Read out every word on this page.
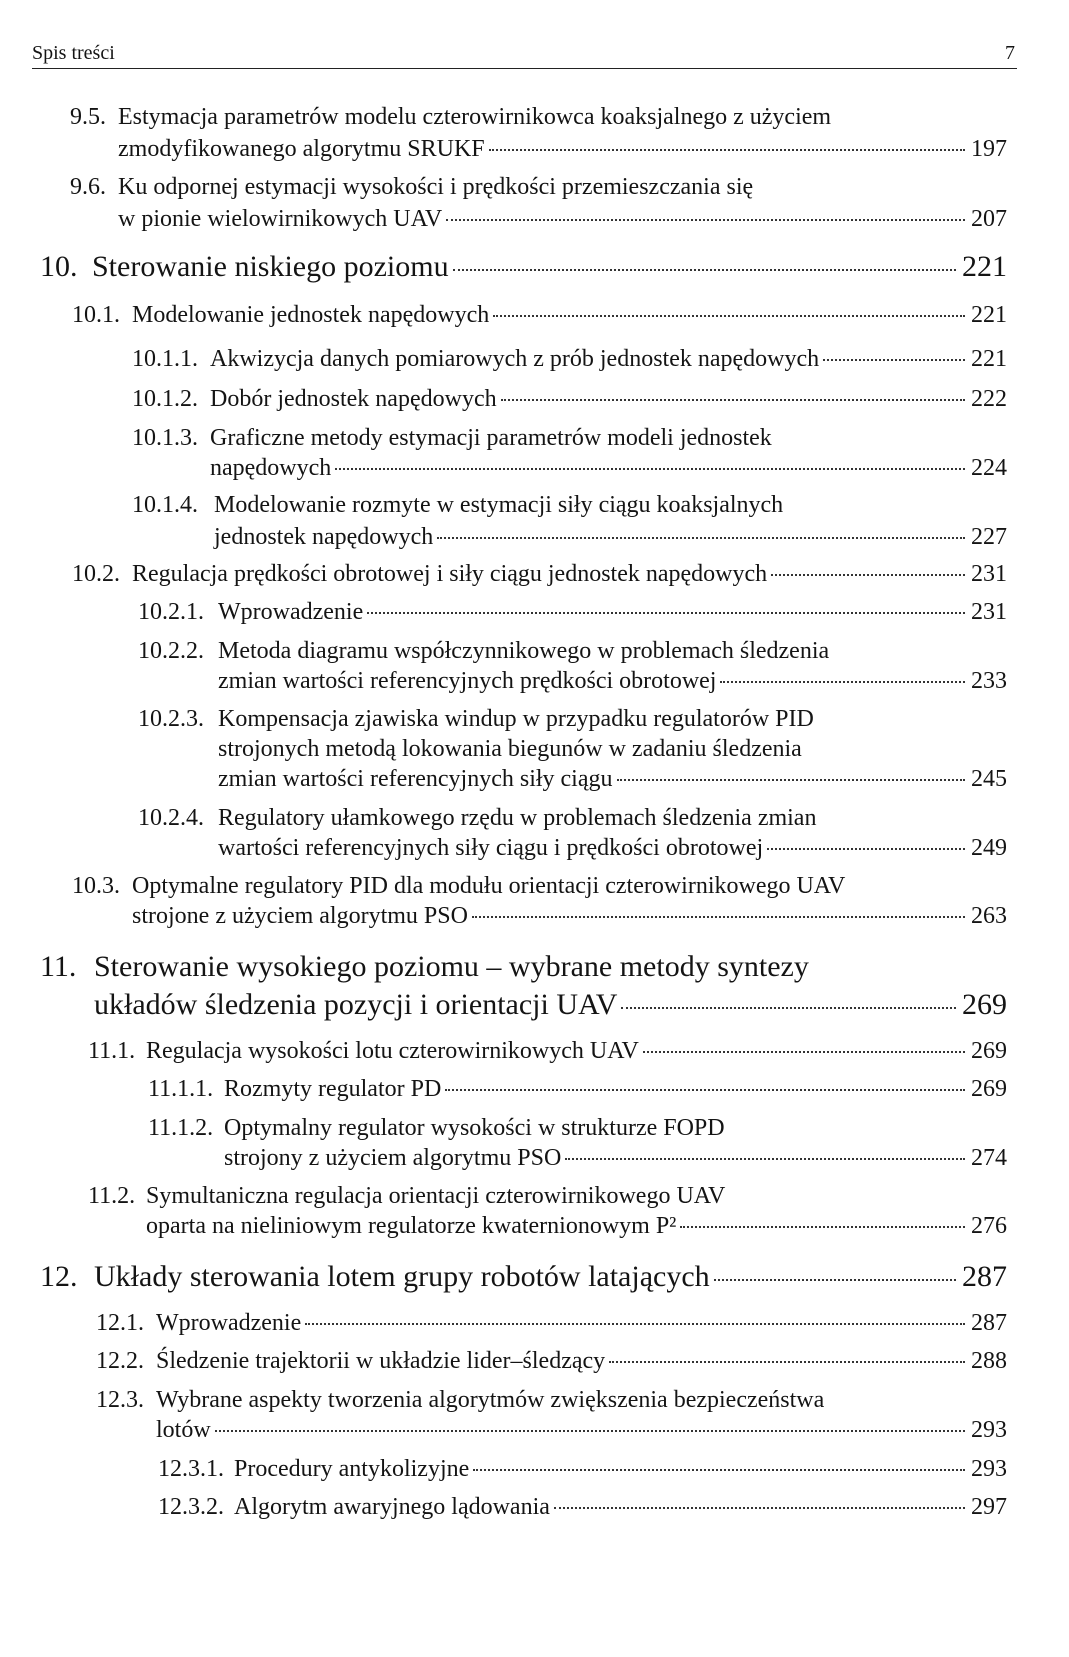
Spis treści	7
9.5. Estymacja parametrów modelu czterowirnikowca koaksjalnego z użyciem
zmodyfikowanego algorytmu SRUKF	197
9.6. Ku odpornej estymacji wysokości i prędkości przemieszczania się
w pionie wielowirnikowych UAV	207
10. Sterowanie niskiego poziomu	221
10.1. Modelowanie jednostek napędowych	221
10.1.1. Akwizycja danych pomiarowych z prób jednostek napędowych	221
10.1.2. Dobór jednostek napędowych	222
10.1.3. Graficzne metody estymacji parametrów modeli jednostek
napędowych	224
10.1.4. Modelowanie rozmyte w estymacji siły ciągu koaksjalnych
jednostek napędowych	227
10.2. Regulacja prędkości obrotowej i siły ciągu jednostek napędowych	231
10.2.1. Wprowadzenie	231
10.2.2. Metoda diagramu współczynnikowego w problemach śledzenia
zmian wartości referencyjnych prędkości obrotowej	233
10.2.3. Kompensacja zjawiska windup w przypadku regulatorów PID
strojonych metodą lokowania biegunów w zadaniu śledzenia
zmian wartości referencyjnych siły ciągu	245
10.2.4. Regulatory ułamkowego rzędu w problemach śledzenia zmian
wartości referencyjnych siły ciągu i prędkości obrotowej	249
10.3. Optymalne regulatory PID dla modułu orientacji czterowirnikowego UAV
strojone z użyciem algorytmu PSO	263
11. Sterowanie wysokiego poziomu – wybrane metody syntezy
układów śledzenia pozycji i orientacji UAV	269
11.1. Regulacja wysokości lotu czterowirnikowych UAV	269
11.1.1. Rozmyty regulator PD	269
11.1.2. Optymalny regulator wysokości w strukturze FOPD
strojony z użyciem algorytmu PSO	274
11.2. Symultaniczna regulacja orientacji czterowirnikowego UAV
oparta na nieliniowym regulatorze kwaternionowym P²	276
12. Układy sterowania lotem grupy robotów latających	287
12.1. Wprowadzenie	287
12.2. Śledzenie trajektorii w układzie lider–śledzący	288
12.3. Wybrane aspekty tworzenia algorytmów zwiększenia bezpieczeństwa
lotów	293
12.3.1. Procedury antykolizyjne	293
12.3.2. Algorytm awaryjnego lądowania	297
